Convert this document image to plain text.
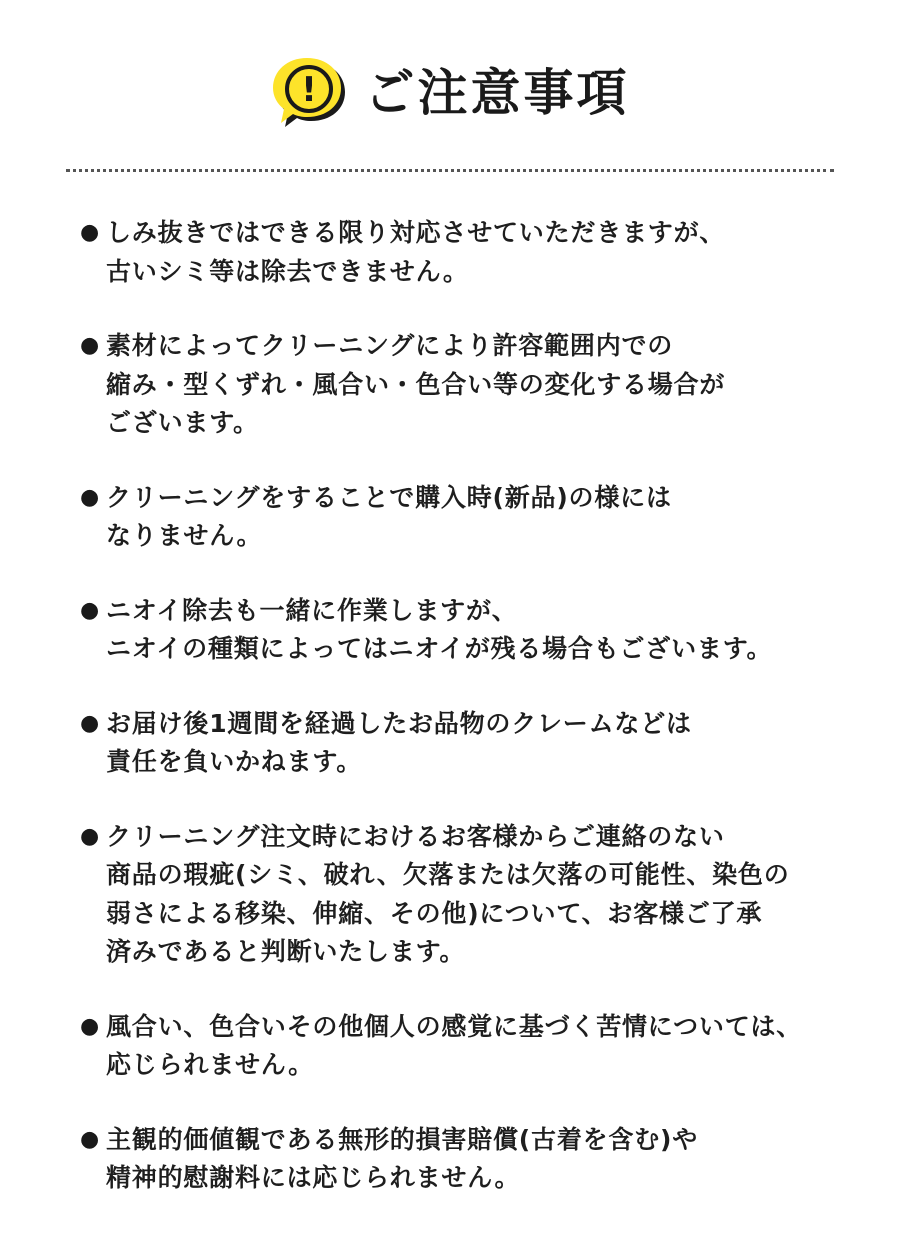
! ご注意事項
● しみ抜きではできる限り対応させていただきますが、
古いシミ等は除去できません。
● 素材によってクリーニングにより許容範囲内での
縮み・型くずれ・風合い・色合い等の変化する場合が
ございます。
● クリーニングをすることで購入時(新品)の様には
なりません。
● ニオイ除去も一緒に作業しますが、
ニオイの種類によってはニオイが残る場合もございます。
● お届け後1週間を経過したお品物のクレームなどは
責任を負いかねます。
● クリーニング注文時におけるお客様からご連絡のない
商品の瑕疵(シミ、破れ、欠落または欠落の可能性、染色の
弱さによる移染、伸縮、その他)について、お客様ご了承
済みであると判断いたします。
● 風合い、色合いその他個人の感覚に基づく苦情については、
応じられません。
● 主観的価値観である無形的損害賠償(古着を含む)や
精神的慰謝料には応じられません。
